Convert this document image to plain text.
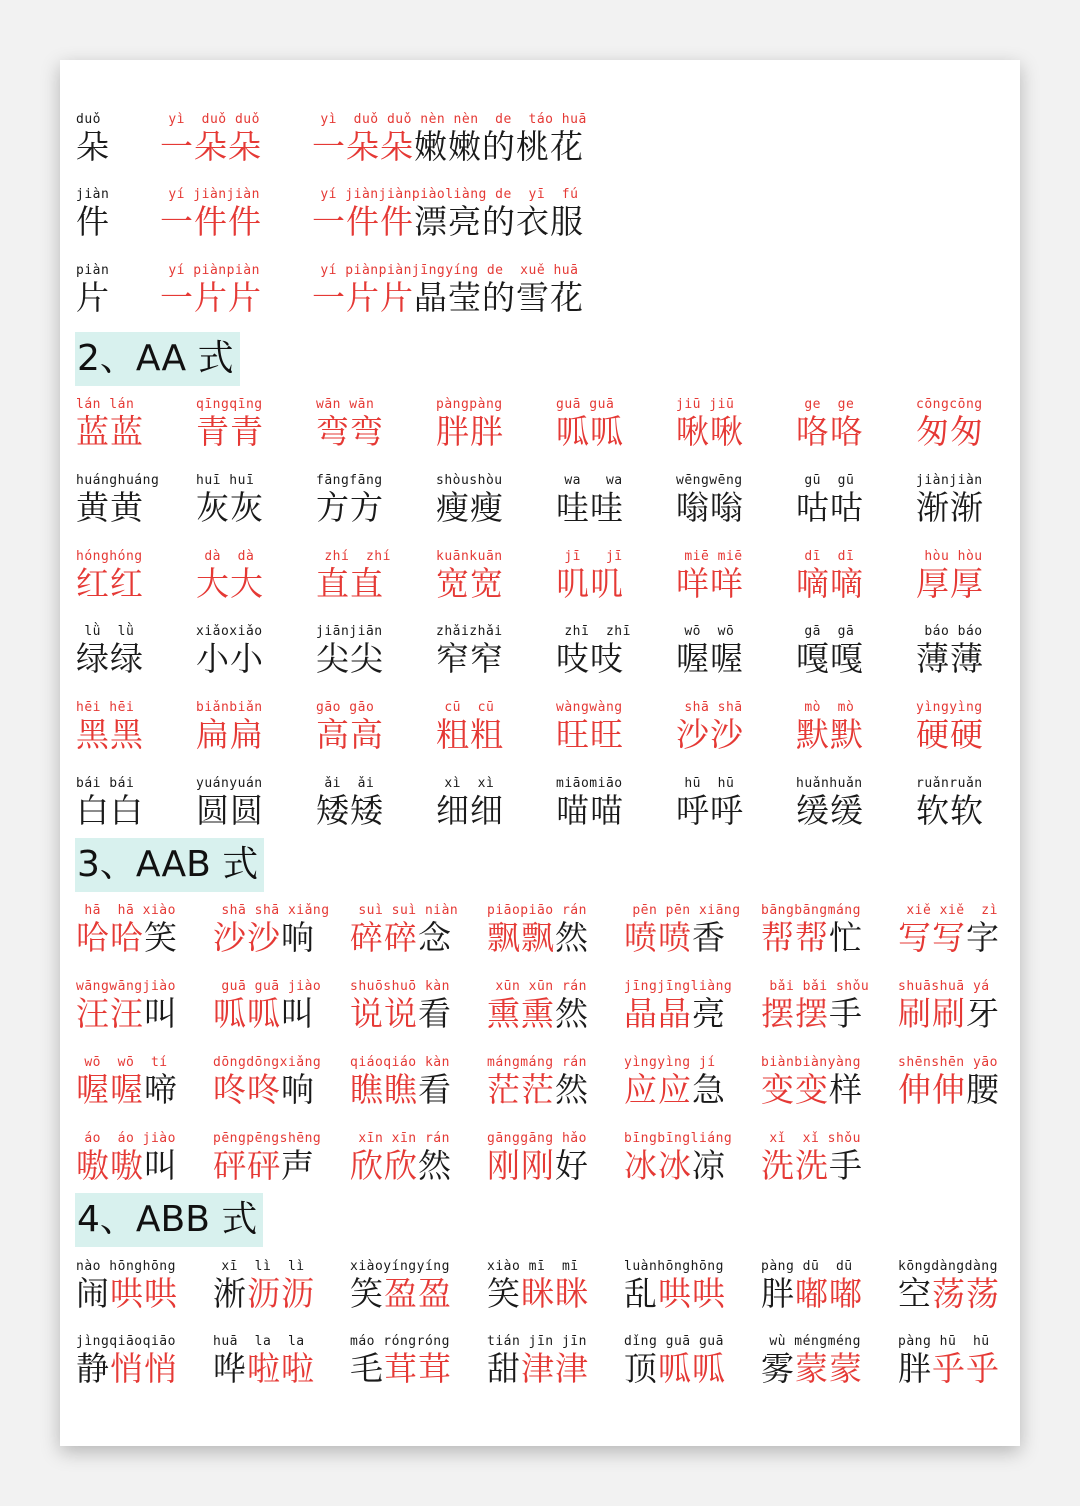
2、AA 式
3、AAB 式
4、ABB 式
duǒ
朵
yì  duǒ duǒ
一朵朵
yì  duǒ duǒ nèn nèn  de  táo huā
一朵朵嫩嫩的桃花
jiàn
件
yí jiànjiàn
一件件
yí jiànjiànpiàoliàng de  yī  fú
一件件漂亮的衣服
piàn
片
yí piànpiàn
一片片
yí piànpiànjīngyíng de  xuě huā
一片片晶莹的雪花
lán lán
蓝蓝
qīngqīng
青青
wān wān
弯弯
pàngpàng
胖胖
guā guā
呱呱
jiū jiū
啾啾
ge  ge
咯咯
cōngcōng
匆匆
huánghuáng
黄黄
huī huī
灰灰
fāngfāng
方方
shòushòu
瘦瘦
wa   wa
哇哇
wēngwēng
嗡嗡
gū  gū
咕咕
jiànjiàn
渐渐
hónghóng
红红
dà  dà
大大
zhí  zhí
直直
kuānkuān
宽宽
jī   jī
叽叽
miē miē
咩咩
dī  dī
嘀嘀
hòu hòu
厚厚
lǜ  lǜ
绿绿
xiǎoxiǎo
小小
jiānjiān
尖尖
zhǎizhǎi
窄窄
zhī  zhī
吱吱
wō  wō
喔喔
gā  gā
嘎嘎
báo báo
薄薄
hēi hēi
黑黑
biǎnbiǎn
扁扁
gāo gāo
高高
cū  cū
粗粗
wàngwàng
旺旺
shā shā
沙沙
mò  mò
默默
yìngyìng
硬硬
bái bái
白白
yuányuán
圆圆
ǎi  ǎi
矮矮
xì  xì
细细
miāomiāo
喵喵
hū  hū
呼呼
huǎnhuǎn
缓缓
ruǎnruǎn
软软
hā  hā xiào
哈哈笑
shā shā xiǎng
沙沙响
suì suì niàn
碎碎念
piāopiāo rán
飘飘然
pēn pēn xiāng
喷喷香
bāngbāngmáng
帮帮忙
xiě xiě  zì
写写字
wāngwāngjiào
汪汪叫
guā guā jiào
呱呱叫
shuōshuō kàn
说说看
xūn xūn rán
熏熏然
jīngjīngliàng
晶晶亮
bǎi bǎi shǒu
摆摆手
shuāshuā yá
刷刷牙
wō  wō  tí
喔喔啼
dōngdōngxiǎng
咚咚响
qiáoqiáo kàn
瞧瞧看
mángmáng rán
茫茫然
yìngyìng jí
应应急
biànbiànyàng
变变样
shēnshēn yāo
伸伸腰
áo  áo jiào
嗷嗷叫
pēngpēngshēng
砰砰声
xīn xīn rán
欣欣然
gānggāng hǎo
刚刚好
bīngbīngliáng
冰冰凉
xǐ  xǐ shǒu
洗洗手
nào hōnghōng
闹哄哄
xī  lì  lì
淅沥沥
xiàoyíngyíng
笑盈盈
xiào mī  mī
笑眯眯
luànhōnghōng
乱哄哄
pàng dū  dū
胖嘟嘟
kōngdàngdàng
空荡荡
jìngqiāoqiāo
静悄悄
huā  la  la
哗啦啦
máo róngróng
毛茸茸
tián jīn jīn
甜津津
dǐng guā guā
顶呱呱
wù méngméng
雾蒙蒙
pàng hū  hū
胖乎乎
